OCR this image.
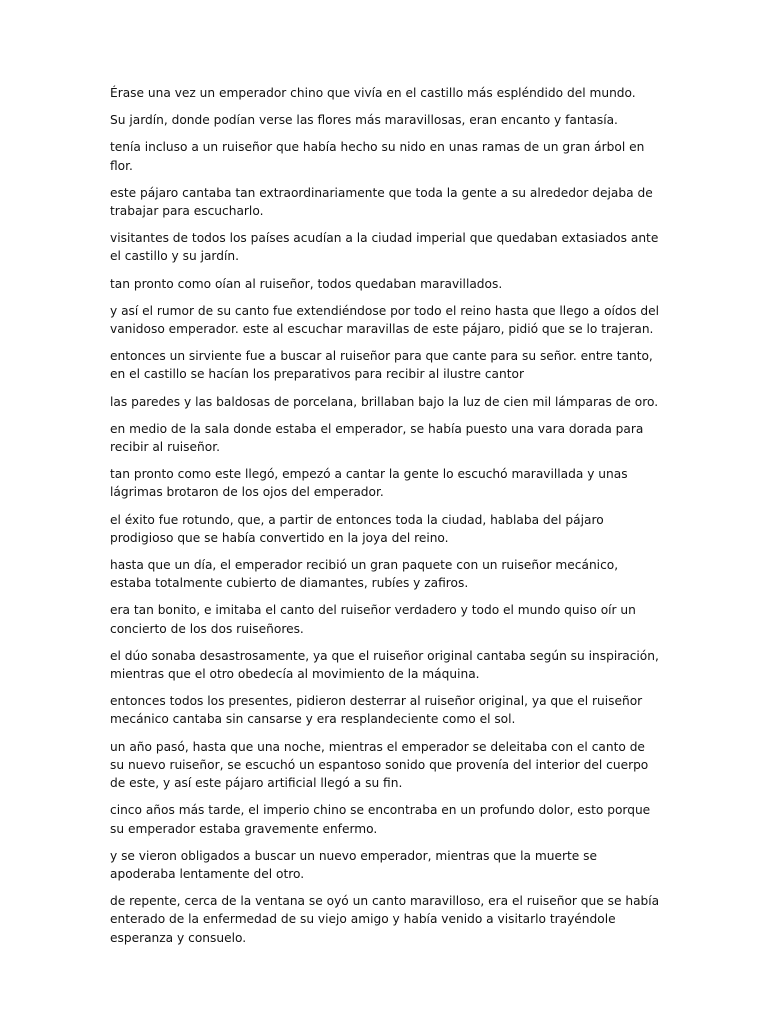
Érase una vez un emperador chino que vivía en el castillo más espléndido del mundo.

Su jardín, donde podían verse las flores más maravillosas, eran encanto y fantasía.

tenía incluso a un ruiseñor que había hecho su nido en unas ramas de un gran árbol en flor.

este pájaro cantaba tan extraordinariamente que toda la gente a su alrededor dejaba de trabajar para escucharlo.

visitantes de todos los países acudían a la ciudad imperial que quedaban extasiados ante el castillo y su jardín.

tan pronto como oían al ruiseñor, todos quedaban maravillados.

y así el rumor de su canto fue extendiéndose por todo el reino hasta que llego a oídos del vanidoso emperador. este al escuchar maravillas de este pájaro, pidió que se lo trajeran.

entonces un sirviente fue a buscar al ruiseñor para que cante para su señor. entre tanto, en el castillo se hacían los preparativos para recibir al ilustre cantor

las paredes y las baldosas de porcelana, brillaban bajo la luz de cien mil lámparas de oro.

en medio de la sala donde estaba el emperador, se había puesto una vara dorada para recibir al ruiseñor.

tan pronto como este llegó, empezó a cantar la gente lo escuchó maravillada y unas lágrimas brotaron de los ojos del emperador.

el éxito fue rotundo, que, a partir de entonces toda la ciudad, hablaba del pájaro prodigioso que se había convertido en la joya del reino.

hasta que un día, el emperador recibió un gran paquete con un ruiseñor mecánico, estaba totalmente cubierto de diamantes, rubíes y zafiros.

era tan bonito, e imitaba el canto del ruiseñor verdadero y todo el mundo quiso oír un concierto de los dos ruiseñores.

el dúo sonaba desastrosamente, ya que el ruiseñor original cantaba según su inspiración, mientras que el otro obedecía al movimiento de la máquina.

entonces todos los presentes, pidieron desterrar al ruiseñor original, ya que el ruiseñor mecánico cantaba sin cansarse y era resplandeciente como el sol.

un año pasó, hasta que una noche, mientras el emperador se deleitaba con el canto de su nuevo ruiseñor, se escuchó un espantoso sonido que provenía del interior del cuerpo de este, y así este pájaro artificial llegó a su fin.

cinco años más tarde, el imperio chino se encontraba en un profundo dolor, esto porque su emperador estaba gravemente enfermo.

y se vieron obligados a buscar un nuevo emperador, mientras que la muerte se apoderaba lentamente del otro.

de repente, cerca de la ventana se oyó un canto maravilloso, era el ruiseñor que se había enterado de la enfermedad de su viejo amigo y había venido a visitarlo trayéndole esperanza y consuelo.
